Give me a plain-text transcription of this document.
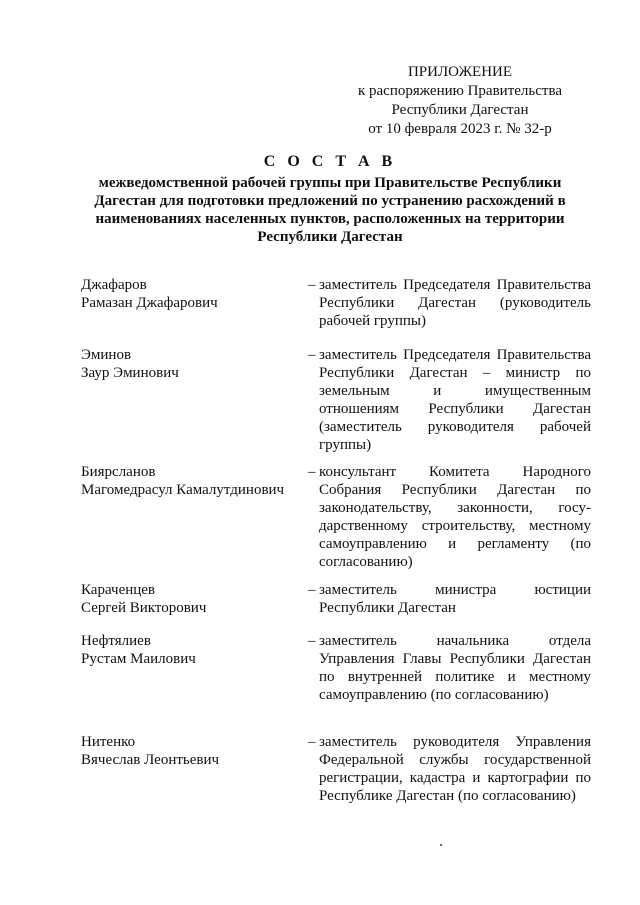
ПРИЛОЖЕНИЕ
к распоряжению Правительства
Республики Дагестан
от 10 февраля 2023 г. № 32-р
С О С Т А В
межведомственной рабочей группы при Правительстве Республики Дагестан для подготовки предложений по устранению расхождений в наименованиях населенных пунктов, расположенных на территории Республики Дагестан
Джафаров
Рамазан Джафарович
– заместитель Председателя Правительства Республики Дагестан (руководитель рабочей группы)
Эминов
Заур Эминович
– заместитель Председателя Правительства Республики Дагестан – министр по земельным и имущественным отношениям Республики Дагестан (заместитель руководителя рабочей группы)
Биярсланов
Магомедрасул Камалутдинович
– консультант Комитета Народного Собрания Республики Дагестан по законодательству, законности, государственному строительству, местному самоуправлению и регламенту (по согласованию)
Караченцев
Сергей Викторович
– заместитель министра юстиции Республики Дагестан
Нефтялиев
Рустам Маилович
– заместитель начальника отдела Управления Главы Республики Дагестан по внутренней политике и местному самоуправлению (по согласованию)
Нитенко
Вячеслав Леонтьевич
– заместитель руководителя Управления Федеральной службы государственной регистрации, кадастра и картографии по Республике Дагестан (по согласованию)
